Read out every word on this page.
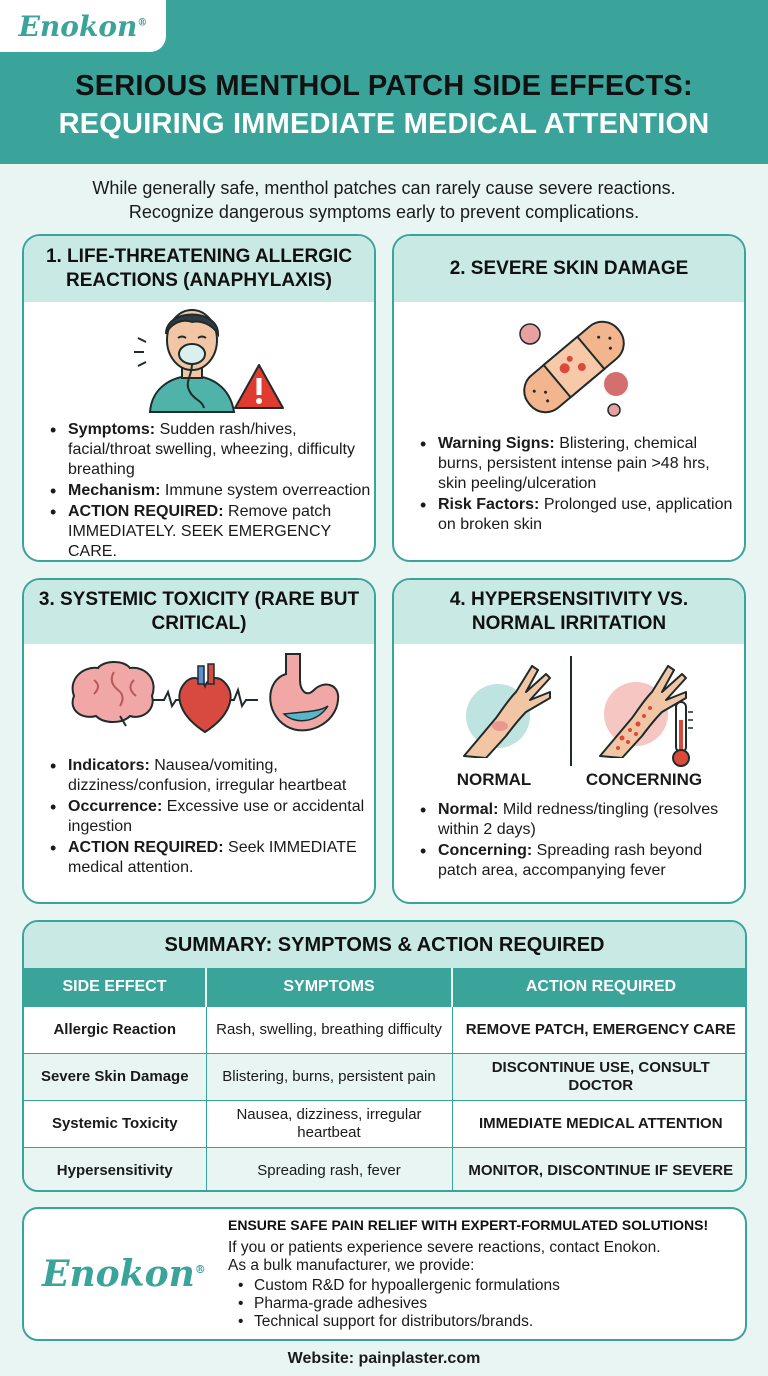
Enokon®
SERIOUS MENTHOL PATCH SIDE EFFECTS:
REQUIRING IMMEDIATE MEDICAL ATTENTION
While generally safe, menthol patches can rarely cause severe reactions.
Recognize dangerous symptoms early to prevent complications.
1. LIFE-THREATENING ALLERGIC REACTIONS (ANAPHYLAXIS)
• Symptoms: Sudden rash/hives, facial/throat swelling, wheezing, difficulty breathing
• Mechanism: Immune system overreaction
• ACTION REQUIRED: Remove patch IMMEDIATELY. SEEK EMERGENCY CARE.
2. SEVERE SKIN DAMAGE
• Warning Signs: Blistering, chemical burns, persistent intense pain >48 hrs, skin peeling/ulceration
• Risk Factors: Prolonged use, application on broken skin
3. SYSTEMIC TOXICITY (RARE BUT CRITICAL)
• Indicators: Nausea/vomiting, dizziness/confusion, irregular heartbeat
• Occurrence: Excessive use or accidental ingestion
• ACTION REQUIRED: Seek IMMEDIATE medical attention.
4. HYPERSENSITIVITY VS. NORMAL IRRITATION
NORMAL	CONCERNING
• Normal: Mild redness/tingling (resolves within 2 days)
• Concerning: Spreading rash beyond patch area, accompanying fever
SUMMARY: SYMPTOMS & ACTION REQUIRED
SIDE EFFECT	SYMPTOMS	ACTION REQUIRED
Allergic Reaction	Rash, swelling, breathing difficulty	REMOVE PATCH, EMERGENCY CARE
Severe Skin Damage	Blistering, burns, persistent pain	DISCONTINUE USE, CONSULT DOCTOR
Systemic Toxicity	Nausea, dizziness, irregular heartbeat	IMMEDIATE MEDICAL ATTENTION
Hypersensitivity	Spreading rash, fever	MONITOR, DISCONTINUE IF SEVERE
Enokon®
ENSURE SAFE PAIN RELIEF WITH EXPERT-FORMULATED SOLUTIONS!
If you or patients experience severe reactions, contact Enokon.
As a bulk manufacturer, we provide:
• Custom R&D for hypoallergenic formulations
• Pharma-grade adhesives
• Technical support for distributors/brands.
Website: painplaster.com
